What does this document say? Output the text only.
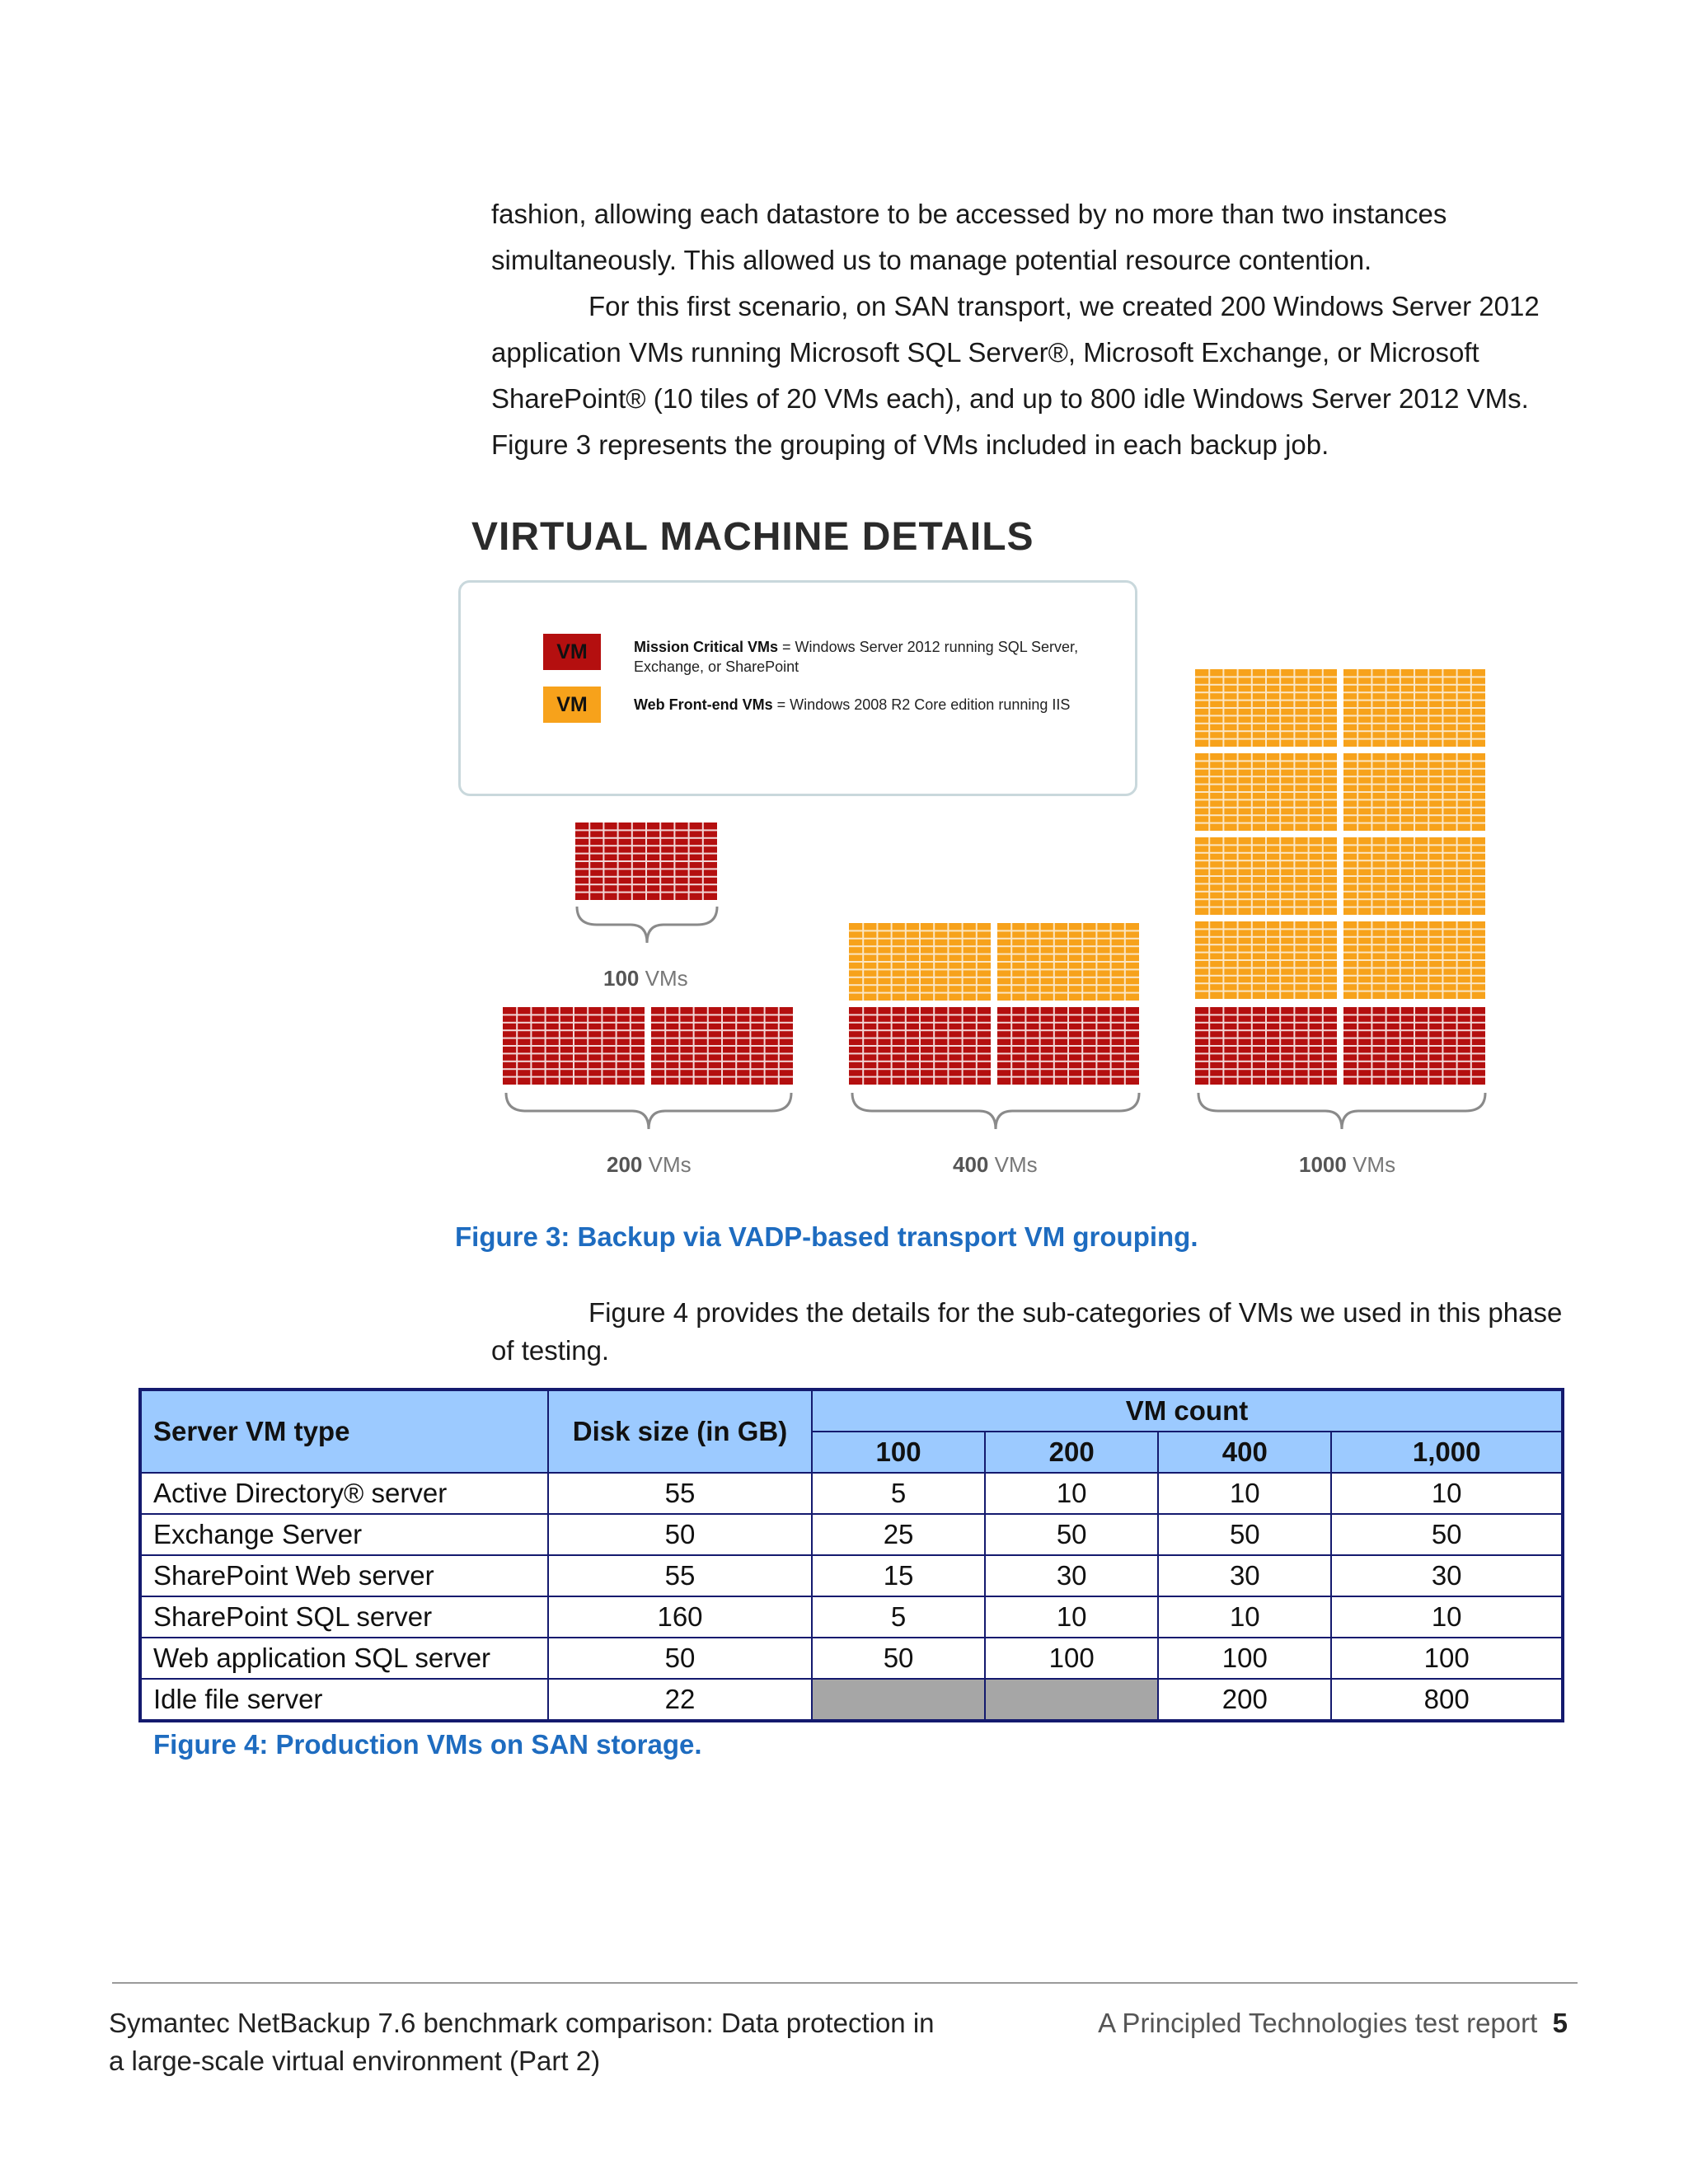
fashion, allowing each datastore to be accessed by no more than two instances

simultaneously. This allowed us to manage potential resource contention.

For this first scenario, on SAN transport, we created 200 Windows Server 2012 application VMs running Microsoft SQL Server®, Microsoft Exchange, or Microsoft SharePoint® (10 tiles of 20 VMs each), and up to 800 idle Windows Server 2012 VMs. Figure 3 represents the grouping of VMs included in each backup job.

VIRTUAL MACHINE DETAILS
VM	Mission Critical VMs = Windows Server 2012 running SQL Server, Exchange, or SharePoint
VM	Web Front-end VMs = Windows 2008 R2 Core edition running IIS
100 VMs
200 VMs	400 VMs	1000 VMs
Figure 3: Backup via VADP-based transport VM grouping.

Figure 4 provides the details for the sub-categories of VMs we used in this phase of testing.

Server VM type	Disk size (in GB)	VM count			
		100	200	400	1,000
Active Directory® server	55	5	10	10	10
Exchange Server	50	25	50	50	50
SharePoint Web server	55	15	30	30	30
SharePoint SQL server	160	5	10	10	10
Web application SQL server	50	50	100	100	100
Idle file server	22			200	800
Figure 4: Production VMs on SAN storage.
Symantec NetBackup 7.6 benchmark comparison: Data protection in
a large-scale virtual environment (Part 2)
A Principled Technologies test report 5
